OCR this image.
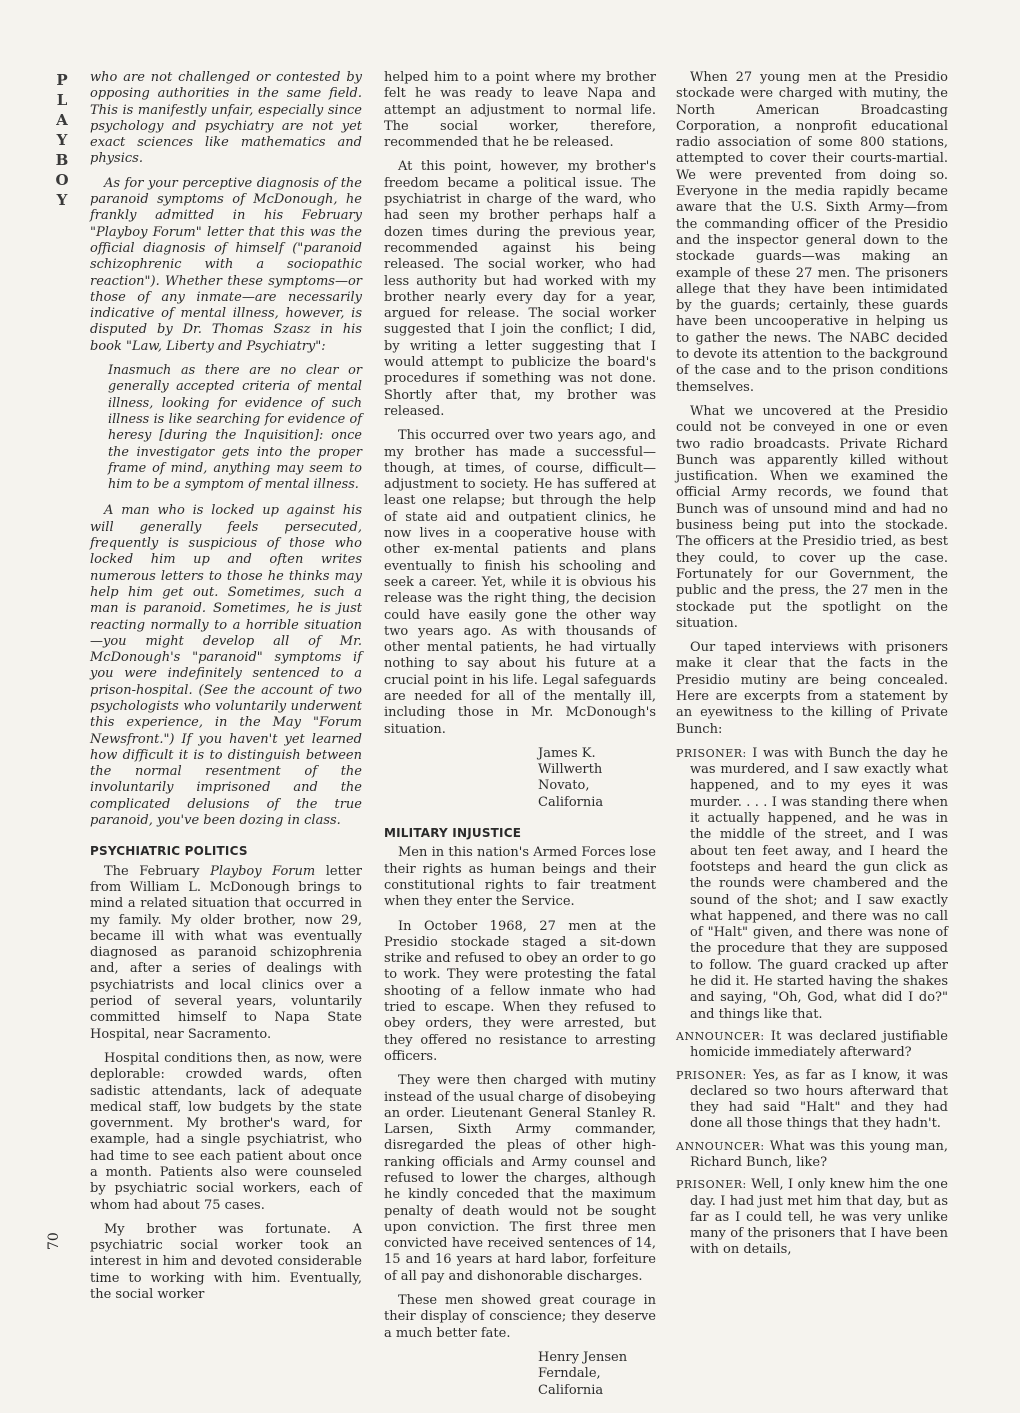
P
L
A
Y
B
O
Y
70

who are not challenged or contested by opposing authorities in the same field. This is manifestly unfair, especially since psychology and psychiatry are not yet exact sciences like mathematics and physics.

As for your perceptive diagnosis of the paranoid symptoms of McDonough, he frankly admitted in his February "Playboy Forum" letter that this was the official diagnosis of himself ("paranoid schizophrenic with a sociopathic reaction"). Whether these symptoms—or those of any inmate—are necessarily indicative of mental illness, however, is disputed by Dr. Thomas Szasz in his book "Law, Liberty and Psychiatry":

Inasmuch as there are no clear or generally accepted criteria of mental illness, looking for evidence of such illness is like searching for evidence of heresy [during the Inquisition]: once the investigator gets into the proper frame of mind, anything may seem to him to be a symptom of mental illness.

A man who is locked up against his will generally feels persecuted, frequently is suspicious of those who locked him up and often writes numerous letters to those he thinks may help him get out. Sometimes, such a man is paranoid. Sometimes, he is just reacting normally to a horrible situation—you might develop all of Mr. McDonough's "paranoid" symptoms if you were indefinitely sentenced to a prison-hospital. (See the account of two psychologists who voluntarily underwent this experience, in the May "Forum Newsfront.") If you haven't yet learned how difficult it is to distinguish between the normal resentment of the involuntarily imprisoned and the complicated delusions of the true paranoid, you've been dozing in class.

PSYCHIATRIC POLITICS

The February Playboy Forum letter from William L. McDonough brings to mind a related situation that occurred in my family. My older brother, now 29, became ill with what was eventually diagnosed as paranoid schizophrenia and, after a series of dealings with psychiatrists and local clinics over a period of several years, voluntarily committed himself to Napa State Hospital, near Sacramento.

Hospital conditions then, as now, were deplorable: crowded wards, often sadistic attendants, lack of adequate medical staff, low budgets by the state government. My brother's ward, for example, had a single psychiatrist, who had time to see each patient about once a month. Patients also were counseled by psychiatric social workers, each of whom had about 75 cases.

My brother was fortunate. A psychiatric social worker took an interest in him and devoted considerable time to working with him. Eventually, the social worker

helped him to a point where my brother felt he was ready to leave Napa and attempt an adjustment to normal life. The social worker, therefore, recommended that he be released.

At this point, however, my brother's freedom became a political issue. The psychiatrist in charge of the ward, who had seen my brother perhaps half a dozen times during the previous year, recommended against his being released. The social worker, who had less authority but had worked with my brother nearly every day for a year, argued for release. The social worker suggested that I join the conflict; I did, by writing a letter suggesting that I would attempt to publicize the board's procedures if something was not done. Shortly after that, my brother was released.

This occurred over two years ago, and my brother has made a successful—though, at times, of course, difficult—adjustment to society. He has suffered at least one relapse; but through the help of state aid and outpatient clinics, he now lives in a cooperative house with other ex-mental patients and plans eventually to finish his schooling and seek a career. Yet, while it is obvious his release was the right thing, the decision could have easily gone the other way two years ago. As with thousands of other mental patients, he had virtually nothing to say about his future at a crucial point in his life. Legal safeguards are needed for all of the mentally ill, including those in Mr. McDonough's situation.

James K. Willwerth
Novato, California

MILITARY INJUSTICE

Men in this nation's Armed Forces lose their rights as human beings and their constitutional rights to fair treatment when they enter the Service.

In October 1968, 27 men at the Presidio stockade staged a sit-down strike and refused to obey an order to go to work. They were protesting the fatal shooting of a fellow inmate who had tried to escape. When they refused to obey orders, they were arrested, but they offered no resistance to arresting officers.

They were then charged with mutiny instead of the usual charge of disobeying an order. Lieutenant General Stanley R. Larsen, Sixth Army commander, disregarded the pleas of other high-ranking officials and Army counsel and refused to lower the charges, although he kindly conceded that the maximum penalty of death would not be sought upon conviction. The first three men convicted have received sentences of 14, 15 and 16 years at hard labor, forfeiture of all pay and dishonorable discharges.

These men showed great courage in their display of conscience; they deserve a much better fate.

Henry Jensen
Ferndale, California

When 27 young men at the Presidio stockade were charged with mutiny, the North American Broadcasting Corporation, a nonprofit educational radio association of some 800 stations, attempted to cover their courts-martial. We were prevented from doing so. Everyone in the media rapidly became aware that the U.S. Sixth Army—from the commanding officer of the Presidio and the inspector general down to the stockade guards—was making an example of these 27 men. The prisoners allege that they have been intimidated by the guards; certainly, these guards have been uncooperative in helping us to gather the news. The NABC decided to devote its attention to the background of the case and to the prison conditions themselves.

What we uncovered at the Presidio could not be conveyed in one or even two radio broadcasts. Private Richard Bunch was apparently killed without justification. When we examined the official Army records, we found that Bunch was of unsound mind and had no business being put into the stockade. The officers at the Presidio tried, as best they could, to cover up the case. Fortunately for our Government, the public and the press, the 27 men in the stockade put the spotlight on the situation.

Our taped interviews with prisoners make it clear that the facts in the Presidio mutiny are being concealed. Here are excerpts from a statement by an eyewitness to the killing of Private Bunch:

PRISONER: I was with Bunch the day he was murdered, and I saw exactly what happened, and to my eyes it was murder. . . . I was standing there when it actually happened, and he was in the middle of the street, and I was about ten feet away, and I heard the footsteps and heard the gun click as the rounds were chambered and the sound of the shot; and I saw exactly what happened, and there was no call of "Halt" given, and there was none of the procedure that they are supposed to follow. The guard cracked up after he did it. He started having the shakes and saying, "Oh, God, what did I do?" and things like that.

ANNOUNCER: It was declared justifiable homicide immediately afterward?

PRISONER: Yes, as far as I know, it was declared so two hours afterward that they had said "Halt" and they had done all those things that they hadn't.

ANNOUNCER: What was this young man, Richard Bunch, like?

PRISONER: Well, I only knew him the one day. I had just met him that day, but as far as I could tell, he was very unlike many of the prisoners that I have been with on details,
